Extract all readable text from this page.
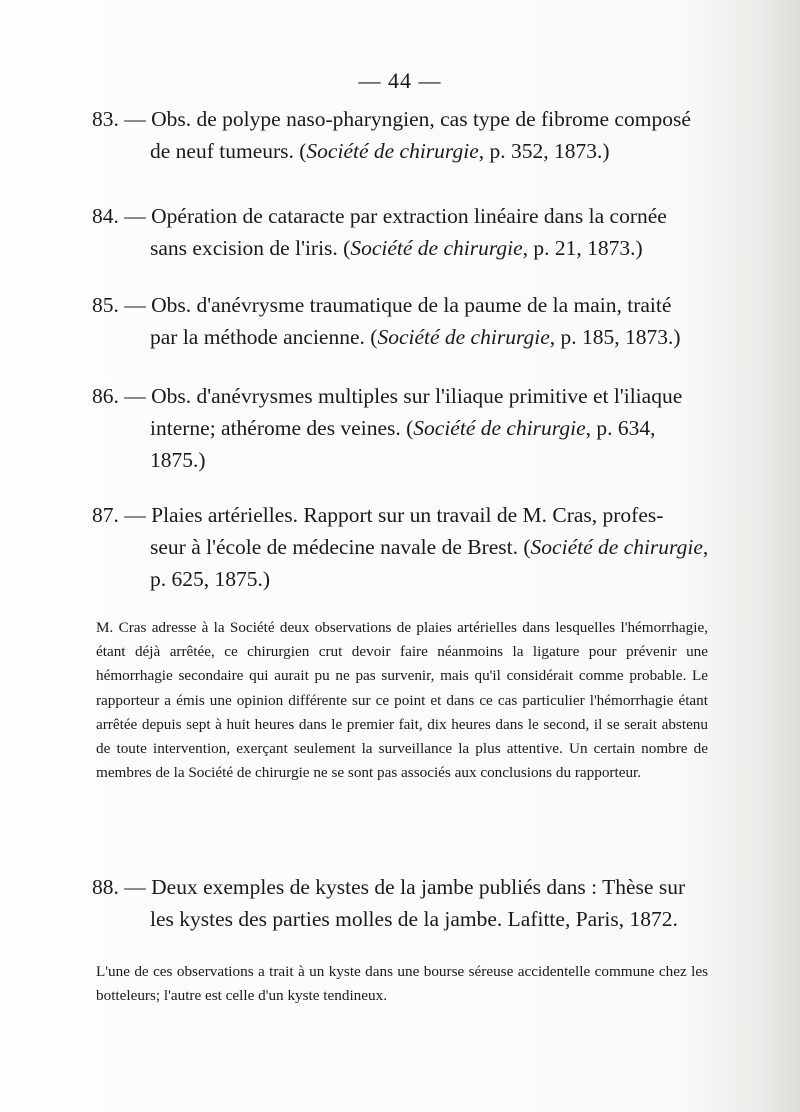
— 44 —
83. — Obs. de polype naso-pharyngien, cas type de fibrome composé
de neuf tumeurs. (Société de chirurgie, p. 352, 1873.)
84. — Opération de cataracte par extraction linéaire dans la cornée
sans excision de l'iris. (Société de chirurgie, p. 21, 1873.)
85. — Obs. d'anévrysme traumatique de la paume de la main, traité
par la méthode ancienne. (Société de chirurgie, p. 185, 1873.)
86. — Obs. d'anévrysmes multiples sur l'iliaque primitive et l'iliaque
interne; athérome des veines. (Société de chirurgie, p. 634,
1875.)
87. — Plaies artérielles. Rapport sur un travail de M. Cras, profes-
seur à l'école de médecine navale de Brest. (Société de chirurgie,
p. 625, 1875.)
M. Cras adresse à la Société deux observations de plaies artérielles dans lesquelles l'hémorrhagie, étant déjà arrêtée, ce chirurgien crut devoir faire néanmoins la ligature pour prévenir une hémorrhagie secondaire qui aurait pu ne pas survenir, mais qu'il considérait comme probable. Le rapporteur a émis une opinion différente sur ce point et dans ce cas particulier l'hémorrhagie étant arrêtée depuis sept à huit heures dans le premier fait, dix heures dans le second, il se serait abstenu de toute intervention, exerçant seulement la surveillance la plus attentive. Un certain nombre de membres de la Société de chirurgie ne se sont pas associés aux conclusions du rapporteur.
88. — Deux exemples de kystes de la jambe publiés dans : Thèse sur
les kystes des parties molles de la jambe. Lafitte, Paris, 1872.
L'une de ces observations a trait à un kyste dans une bourse séreuse accidentelle commune chez les botteleurs; l'autre est celle d'un kyste tendineux.
